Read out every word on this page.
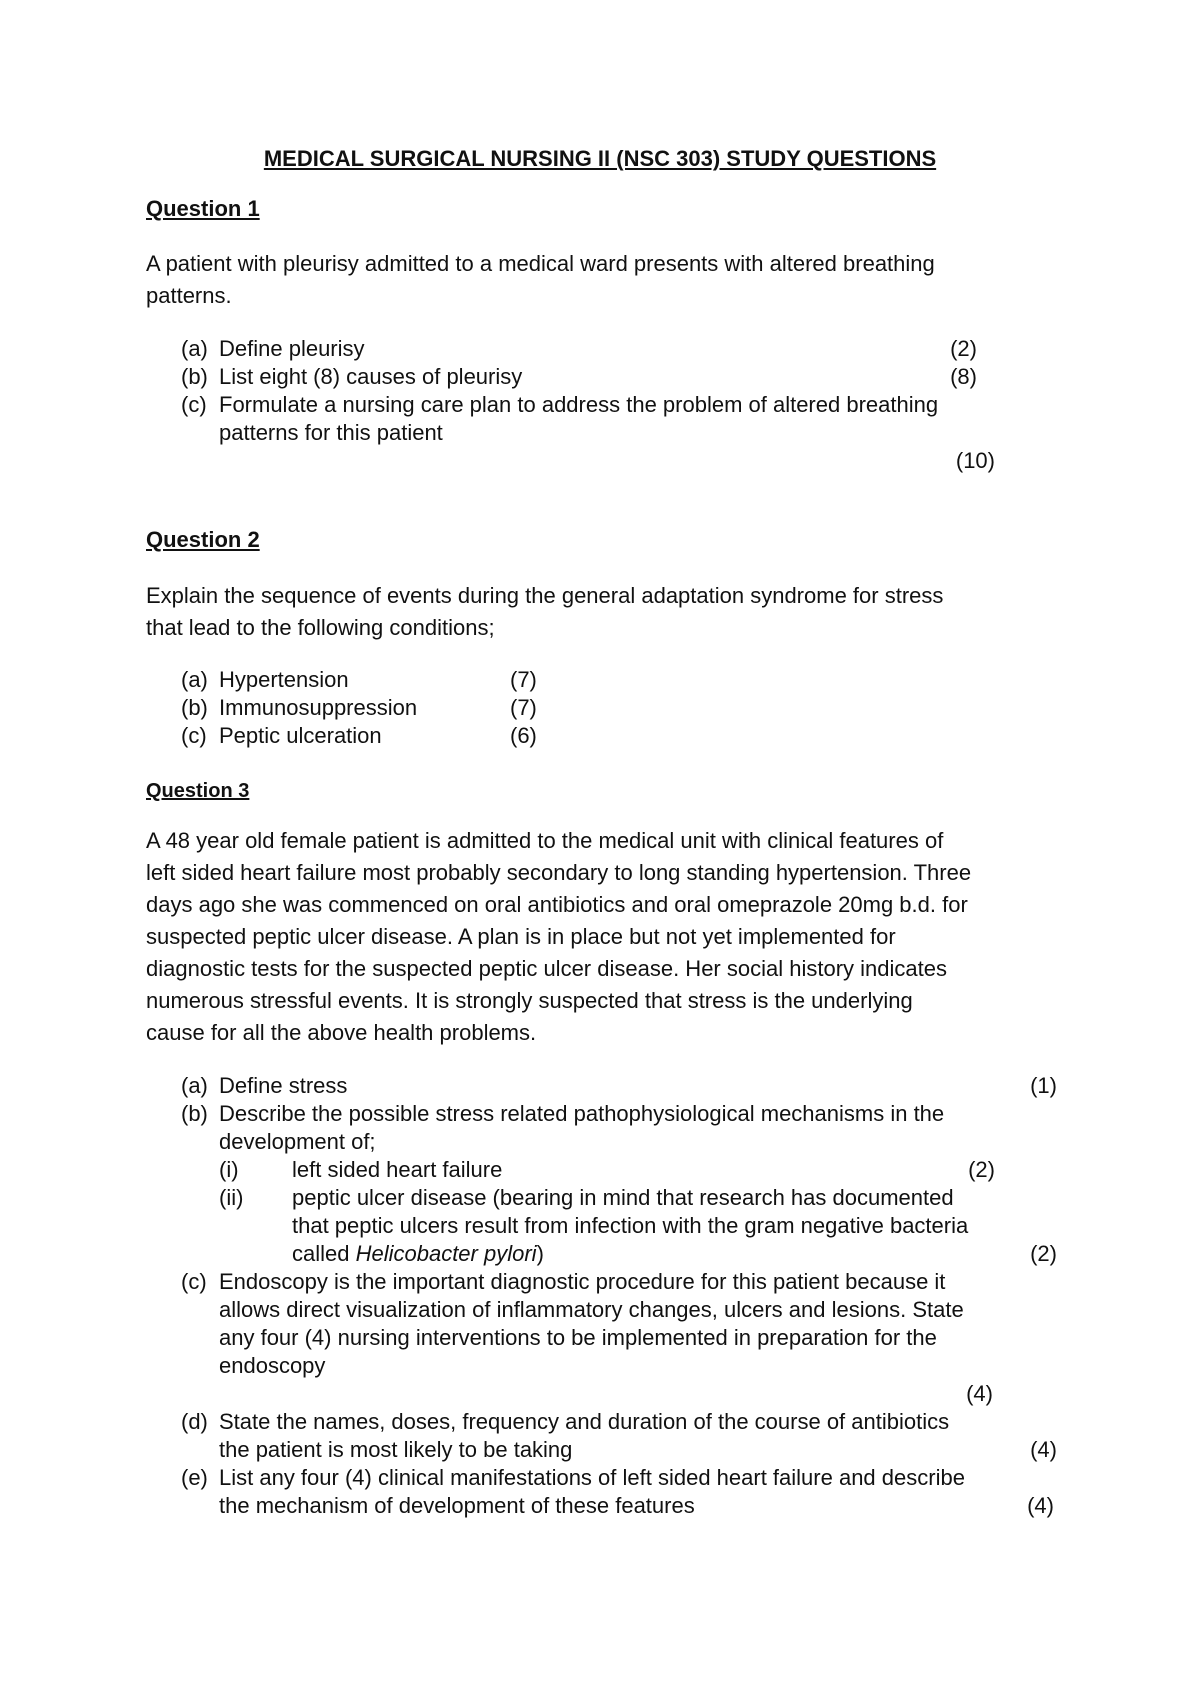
MEDICAL SURGICAL NURSING II (NSC 303) STUDY QUESTIONS
Question 1
A patient with pleurisy admitted to a medical ward presents with altered breathing
patterns.
(a) Define pleurisy	(2)
(b) List eight (8) causes of pleurisy	(8)
(c) Formulate a nursing care plan to address the problem of altered breathing
patterns for this patient
(10)
Question 2
Explain the sequence of events during the general adaptation syndrome for stress
that lead to the following conditions;
(a) Hypertension	(7)
(b) Immunosuppression	(7)
(c) Peptic ulceration	(6)
Question 3
A 48 year old female patient is admitted to the medical unit with clinical features of
left sided heart failure most probably secondary to long standing hypertension. Three
days ago she was commenced on oral antibiotics and oral omeprazole 20mg b.d. for
suspected peptic ulcer disease. A plan is in place but not yet implemented for
diagnostic tests for the suspected peptic ulcer disease. Her social history indicates
numerous stressful events. It is strongly suspected that stress is the underlying
cause for all the above health problems.
(a) Define stress	(1)
(b) Describe the possible stress related pathophysiological mechanisms in the
development of;
(i) left sided heart failure	(2)
(ii) peptic ulcer disease (bearing in mind that research has documented
that peptic ulcers result from infection with the gram negative bacteria
called Helicobacter pylori)	(2)
(c) Endoscopy is the important diagnostic procedure for this patient because it
allows direct visualization of inflammatory changes, ulcers and lesions. State
any four (4) nursing interventions to be implemented in preparation for the
endoscopy
(4)
(d) State the names, doses, frequency and duration of the course of antibiotics
the patient is most likely to be taking	(4)
(e) List any four (4) clinical manifestations of left sided heart failure and describe
the mechanism of development of these features	(4)
